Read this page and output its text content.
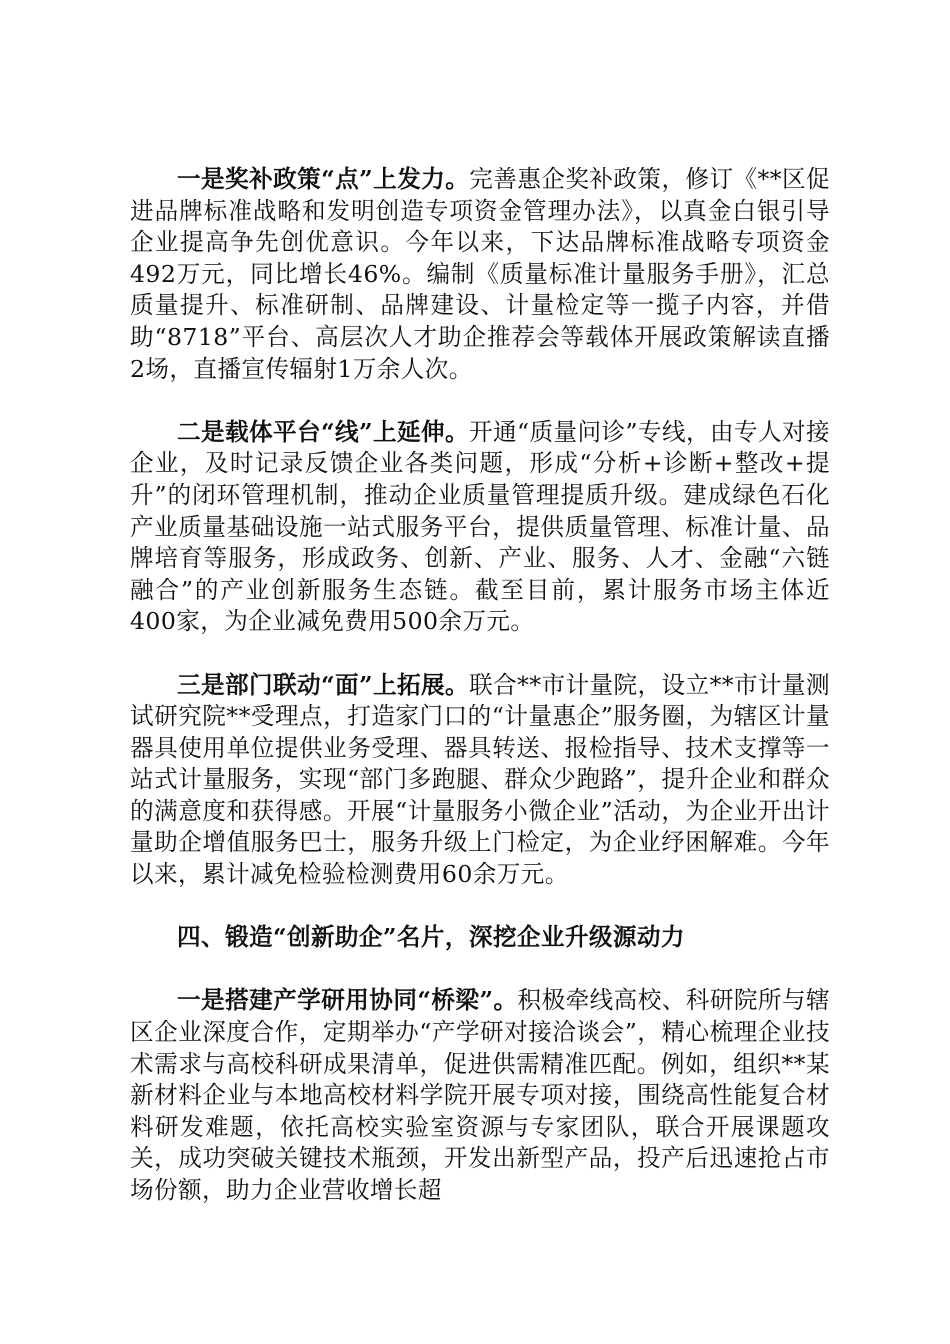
一是奖补政策“点”上发力。完善惠企奖补政策，修订《**区促进品牌标准战略和发明创造专项资金管理办法》，以真金白银引导企业提高争先创优意识。今年以来，下达品牌标准战略专项资金492万元，同比增长46%。编制《质量标准计量服务手册》，汇总质量提升、标准研制、品牌建设、计量检定等一揽子内容，并借助“8718”平台、高层次人才助企推荐会等载体开展政策解读直播2场，直播宣传辐射1万余人次。

二是载体平台“线”上延伸。开通“质量问诊”专线，由专人对接企业，及时记录反馈企业各类问题，形成“分析+诊断+整改+提升”的闭环管理机制，推动企业质量管理提质升级。建成绿色石化产业质量基础设施一站式服务平台，提供质量管理、标准计量、品牌培育等服务，形成政务、创新、产业、服务、人才、金融“六链融合”的产业创新服务生态链。截至目前，累计服务市场主体近400家，为企业减免费用500余万元。

三是部门联动“面”上拓展。联合**市计量院，设立**市计量测试研究院**受理点，打造家门口的“计量惠企”服务圈，为辖区计量器具使用单位提供业务受理、器具转送、报检指导、技术支撑等一站式计量服务，实现“部门多跑腿、群众少跑路”，提升企业和群众的满意度和获得感。开展“计量服务小微企业”活动，为企业开出计量助企增值服务巴士，服务升级上门检定，为企业纾困解难。今年以来，累计减免检验检测费用60余万元。

四、锻造“创新助企”名片，深挖企业升级源动力

一是搭建产学研用协同“桥梁”。积极牵线高校、科研院所与辖区企业深度合作，定期举办“产学研对接洽谈会”，精心梳理企业技术需求与高校科研成果清单，促进供需精准匹配。例如，组织**某新材料企业与本地高校材料学院开展专项对接，围绕高性能复合材料研发难题，依托高校实验室资源与专家团队，联合开展课题攻关，成功突破关键技术瓶颈，开发出新型产品，投产后迅速抢占市场份额，助力企业营收增长超
